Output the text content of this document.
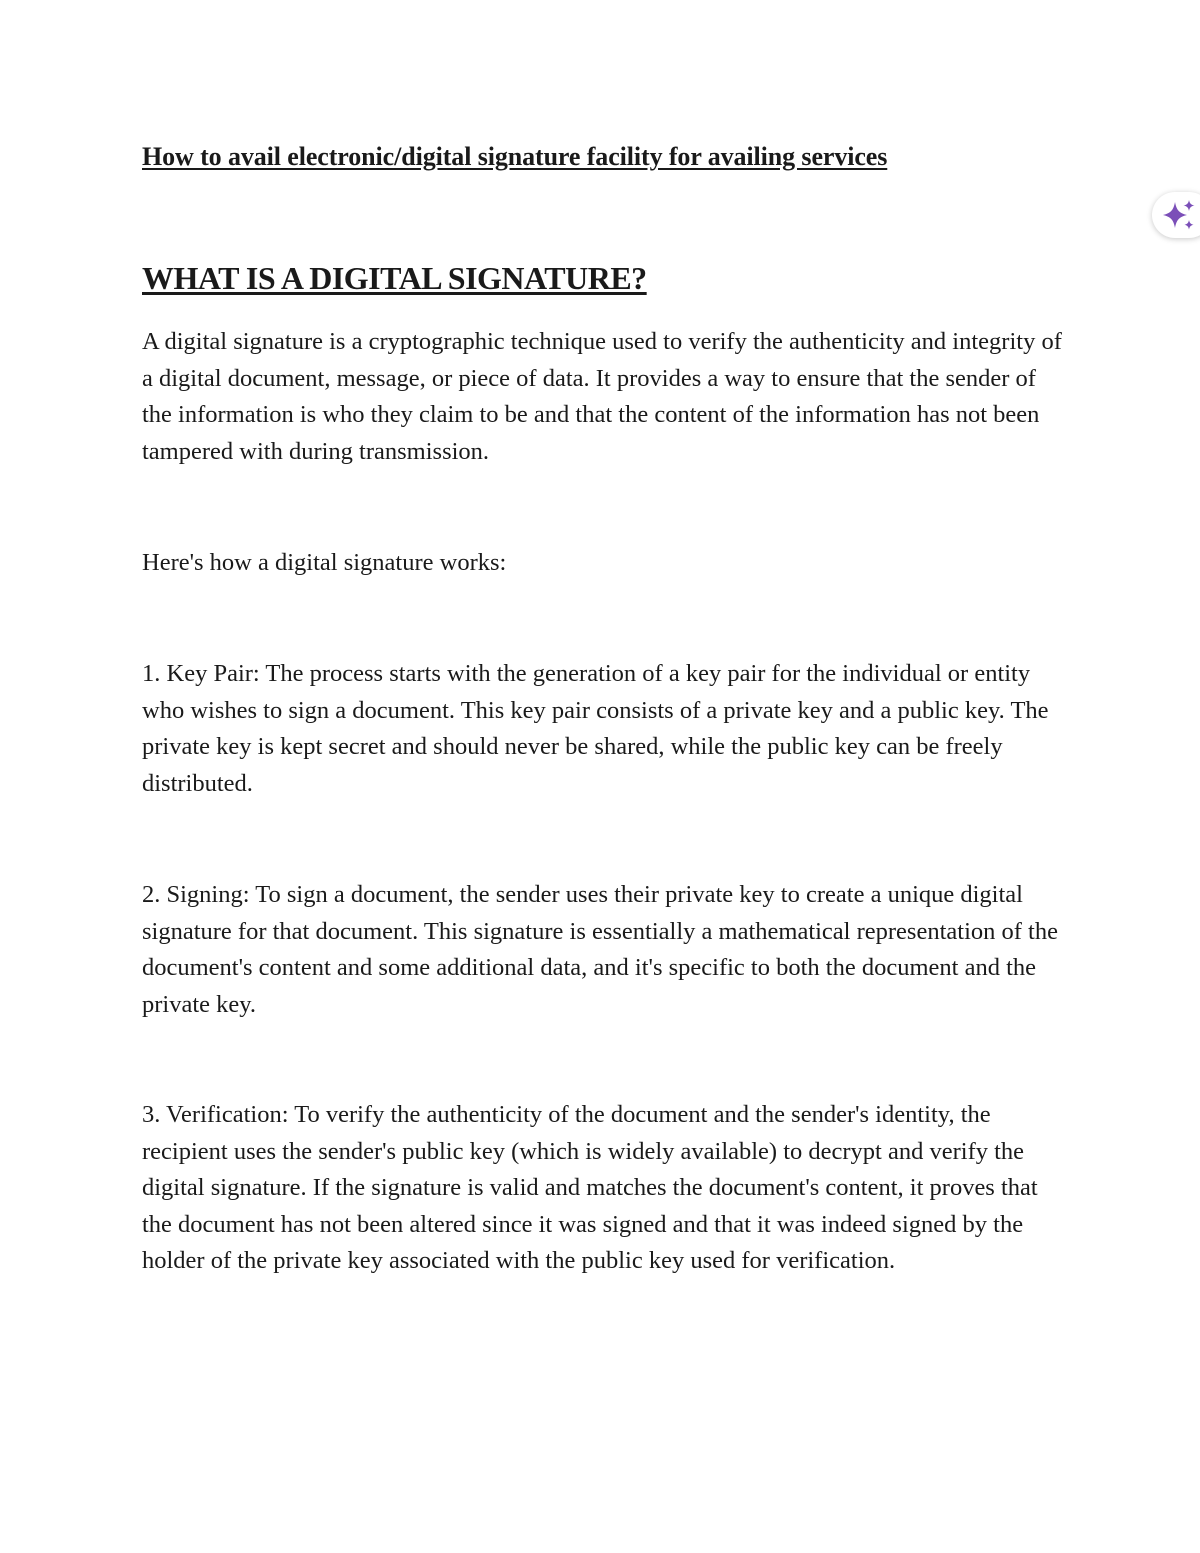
How to avail electronic/digital signature facility for availing services
WHAT IS A DIGITAL SIGNATURE?

A digital signature is a cryptographic technique used to verify the authenticity and integrity of a digital document, message, or piece of data. It provides a way to ensure that the sender of the information is who they claim to be and that the content of the information has not been tampered with during transmission.

Here's how a digital signature works:

1. Key Pair: The process starts with the generation of a key pair for the individual or entity who wishes to sign a document. This key pair consists of a private key and a public key. The private key is kept secret and should never be shared, while the public key can be freely distributed.

2. Signing: To sign a document, the sender uses their private key to create a unique digital signature for that document. This signature is essentially a mathematical representation of the document's content and some additional data, and it's specific to both the document and the private key.

3. Verification: To verify the authenticity of the document and the sender's identity, the recipient uses the sender's public key (which is widely available) to decrypt and verify the digital signature. If the signature is valid and matches the document's content, it proves that the document has not been altered since it was signed and that it was indeed signed by the holder of the private key associated with the public key used for verification.
